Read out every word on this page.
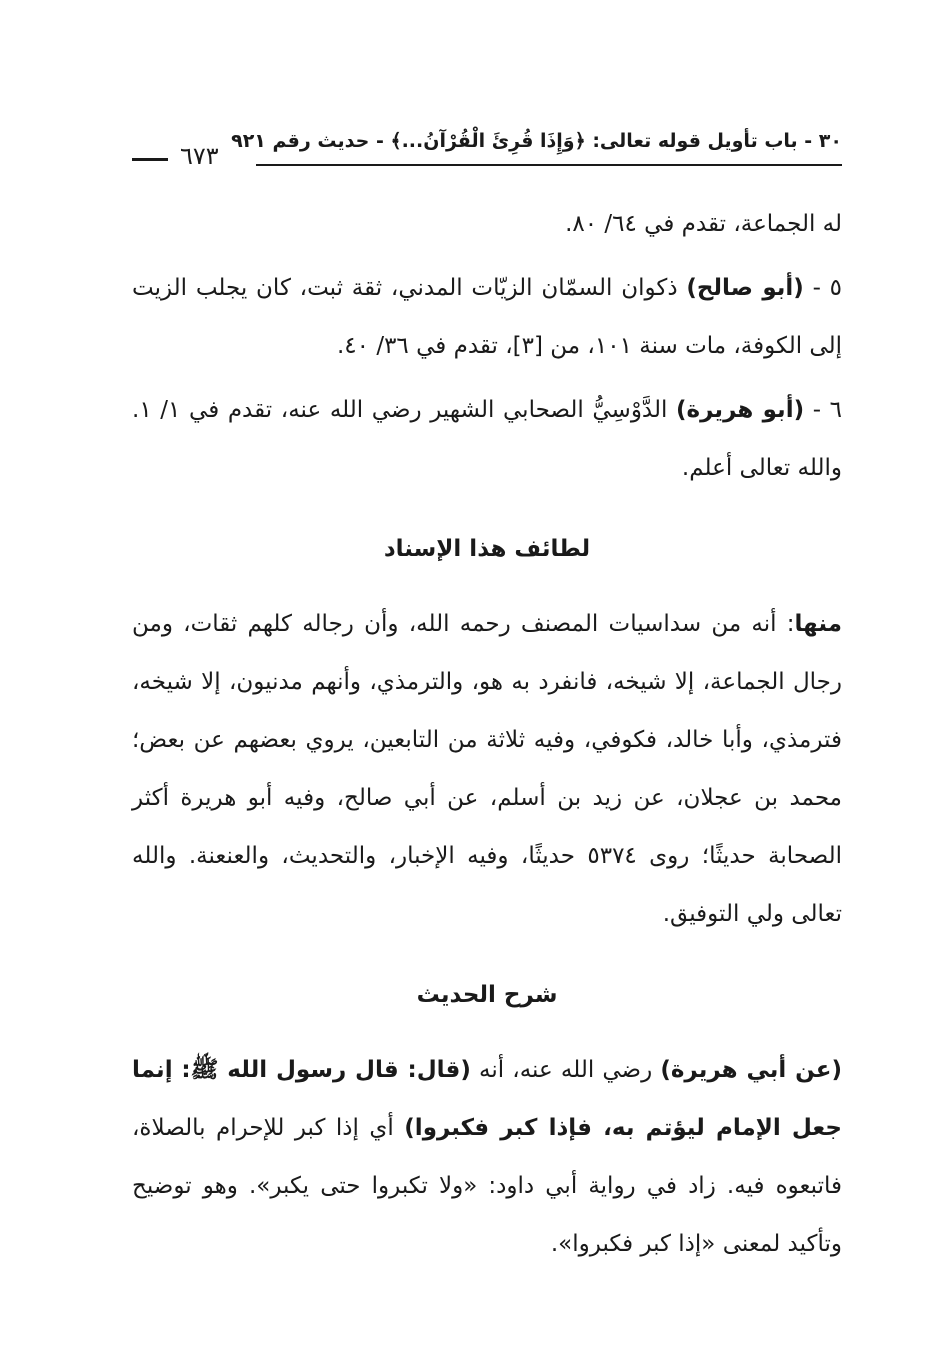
٣٠ - باب تأويل قوله تعالى: ﴿وَإِذَا قُرِئَ الْقُرْآنُ...﴾ - حديث رقم ٩٢١
٦٧٣

له الجماعة، تقدم في ٦٤/ ٨٠.

٥ - (أبو صالح) ذكوان السمّان الزيّات المدني، ثقة ثبت، كان يجلب الزيت إلى الكوفة، مات سنة ١٠١، من [٣]، تقدم في ٣٦/ ٤٠.

٦ - (أبو هريرة) الدَّوْسِيُّ الصحابي الشهير رضي الله عنه، تقدم في ١/ ١. والله تعالى أعلم.

لطائف هذا الإسناد

منها: أنه من سداسيات المصنف رحمه الله، وأن رجاله كلهم ثقات، ومن رجال الجماعة، إلا شيخه، فانفرد به هو، والترمذي، وأنهم مدنيون، إلا شيخه، فترمذي، وأبا خالد، فكوفي، وفيه ثلاثة من التابعين، يروي بعضهم عن بعض؛ محمد بن عجلان، عن زيد بن أسلم، عن أبي صالح، وفيه أبو هريرة أكثر الصحابة حديثًا؛ روى ٥٣٧٤ حديثًا، وفيه الإخبار، والتحديث، والعنعنة. والله تعالى ولي التوفيق.

شرح الحديث

(عن أبي هريرة) رضي الله عنه، أنه (قال: قال رسول الله ﷺ: إنما جعل الإمام ليؤتم به، فإذا كبر فكبروا) أي إذا كبر للإحرام بالصلاة، فاتبعوه فيه. زاد في رواية أبي داود: «ولا تكبروا حتى يكبر». وهو توضيح وتأكيد لمعنى «إذا كبر فكبروا».
